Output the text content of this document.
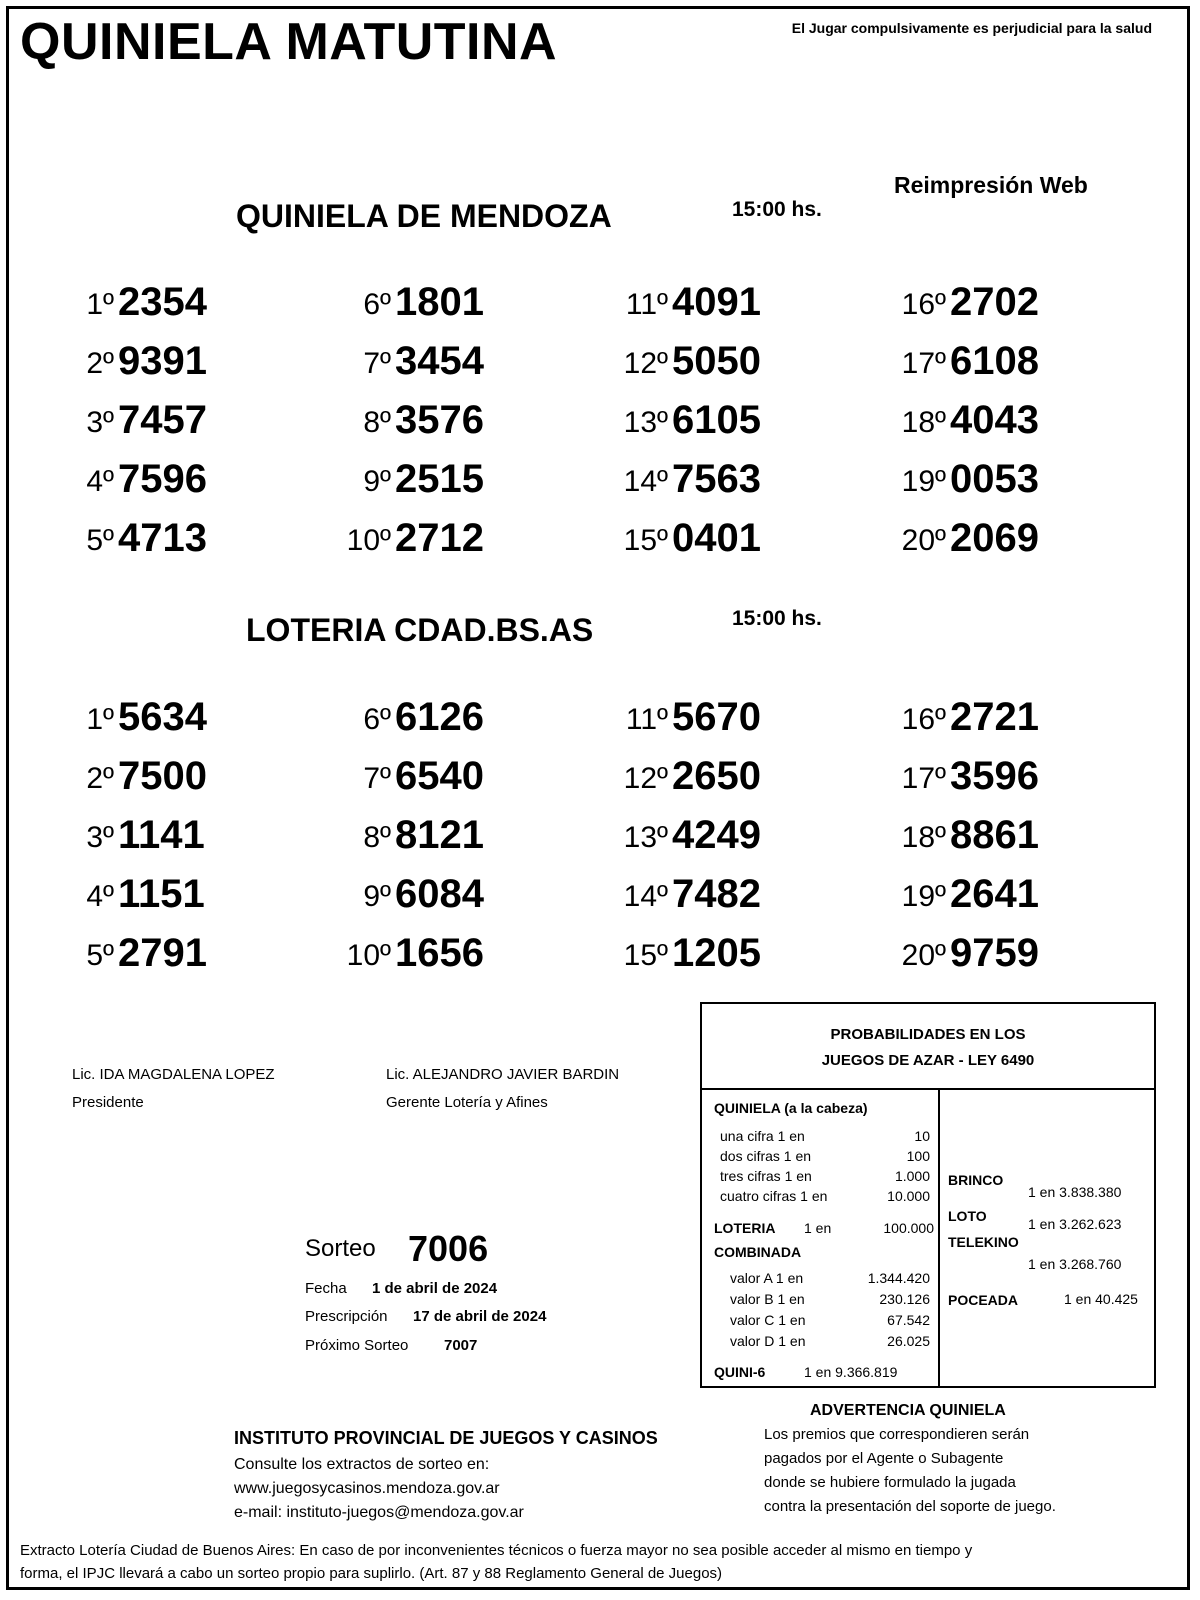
QUINIELA MATUTINA	El Jugar compulsivamente es perjudicial para la salud
Reimpresión Web
QUINIELA DE MENDOZA	15:00 hs.
1º 2354
2º 9391
3º 7457
4º 7596
5º 4713
6º 1801
7º 3454
8º 3576
9º 2515
10º 2712
11º 4091
12º 5050
13º 6105
14º 7563
15º 0401
16º 2702
17º 6108
18º 4043
19º 0053
20º 2069
LOTERIA CDAD.BS.AS	15:00 hs.
1º 5634
2º 7500
3º 1141
4º 1151
5º 2791
6º 6126
7º 6540
8º 8121
9º 6084
10º 1656
11º 5670
12º 2650
13º 4249
14º 7482
15º 1205
16º 2721
17º 3596
18º 8861
19º 2641
20º 9759
Lic. IDA MAGDALENA LOPEZ
Presidente
Lic. ALEJANDRO JAVIER BARDIN
Gerente Lotería y Afines
Sorteo 7006
Fecha 1 de abril de 2024
Prescripción 17 de abril de 2024
Próximo Sorteo 7007
PROBABILIDADES EN LOS
JUEGOS DE AZAR - LEY 6490
QUINIELA (a la cabeza)
una cifra 1 en	10
dos cifras 1 en	100
tres cifras 1 en	1.000
cuatro cifras 1 en	10.000
LOTERIA 1 en	100.000
COMBINADA
valor A 1 en	1.344.420
valor B 1 en	230.126
valor C 1 en	67.542
valor D 1 en	26.025
QUINI-6	1 en 9.366.819
BRINCO
1 en 3.838.380
LOTO	1 en 3.262.623
TELEKINO
1 en 3.268.760
POCEADA	1 en 40.425
INSTITUTO PROVINCIAL DE JUEGOS Y CASINOS
Consulte los extractos de sorteo en:
www.juegosycasinos.mendoza.gov.ar
e-mail: instituto-juegos@mendoza.gov.ar
ADVERTENCIA QUINIELA
Los premios que correspondieren serán
pagados por el Agente o Subagente
donde se hubiere formulado la jugada
contra la presentación del soporte de juego.
Extracto Lotería Ciudad de Buenos Aires: En caso de por inconvenientes técnicos o fuerza mayor no sea posible acceder al mismo en tiempo y
forma, el IPJC llevará a cabo un sorteo propio para suplirlo. (Art. 87 y 88 Reglamento General de Juegos)
